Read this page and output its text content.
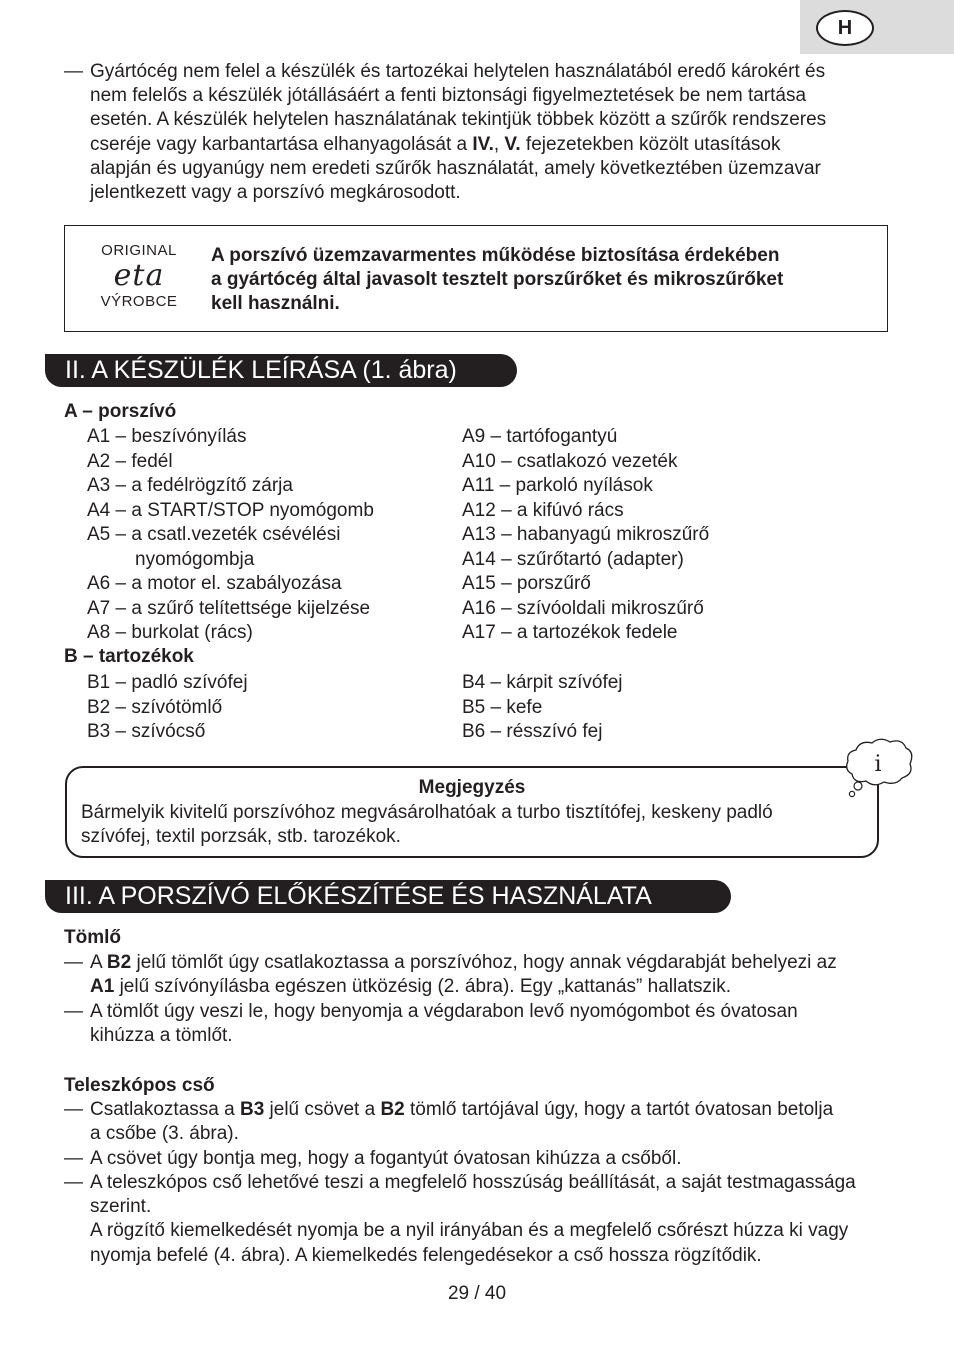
H
— Gyártócég nem felel a készülék és tartozékai helytelen használatából eredő károkért és
nem felelős a készülék jótállásáért a fenti biztonsági figyelmeztetések be nem tartása
esetén. A készülék helytelen használatának tekintjük többek között a szűrők rendszeres
cseréje vagy karbantartása elhanyagolását a IV., V. fejezetekben közölt utasítások
alapján és ugyanúgy nem eredeti szűrők használatát, amely következtében üzemzavar
jelentkezett vagy a porszívó megkárosodott.
ORIGINAL
eta
VÝROBCE
A porszívó üzemzavarmentes működése biztosítása érdekében
a gyártócég által javasolt tesztelt porszűrőket és mikroszűrőket
kell használni.
II. A KÉSZÜLÉK LEÍRÁSA (1. ábra)
A – porszívó
A1 – beszívónyílás
A2 – fedél
A3 – a fedélrögzítő zárja
A4 – a START/STOP nyomógomb
A5 – a csatl.vezeték csévélési
nyomógombja
A6 – a motor el. szabályozása
A7 – a szűrő telítettsége kijelzése
A8 – burkolat (rács)
A9 – tartófogantyú
A10 – csatlakozó vezeték
A11 – parkoló nyílások
A12 – a kifúvó rács
A13 – habanyagú mikroszűrő
A14 – szűrőtartó (adapter)
A15 – porszűrő
A16 – szívóoldali mikroszűrő
A17 – a tartozékok fedele
B – tartozékok
B1 – padló szívófej
B2 – szívótömlő
B3 – szívócső
B4 – kárpit szívófej
B5 – kefe
B6 – résszívó fej
Megjegyzés
Bármelyik kivitelű porszívóhoz megvásárolhatóak a turbo tisztítófej, keskeny padló
szívófej, textil porzsák, stb. tarozékok.
i
III. A PORSZÍVÓ ELŐKÉSZÍTÉSE ÉS HASZNÁLATA
Tömlő
— A B2 jelű tömlőt úgy csatlakoztassa a porszívóhoz, hogy annak végdarabját behelyezi az
A1 jelű szívónyílásba egészen ütközésig (2. ábra). Egy „kattanás” hallatszik.
— A tömlőt úgy veszi le, hogy benyomja a végdarabon levő nyomógombot és óvatosan
kihúzza a tömlőt.
Teleszkópos cső
— Csatlakoztassa a B3 jelű csövet a B2 tömlő tartójával úgy, hogy a tartót óvatosan betolja
a csőbe (3. ábra).
— A csövet úgy bontja meg, hogy a fogantyút óvatosan kihúzza a csőből.
— A teleszkópos cső lehetővé teszi a megfelelő hosszúság beállítását, a saját testmagassága
szerint.
A rögzítő kiemelkedését nyomja be a nyil irányában és a megfelelő csőrészt húzza ki vagy
nyomja befelé (4. ábra). A kiemelkedés felengedésekor a cső hossza rögzítődik.
29 / 40
